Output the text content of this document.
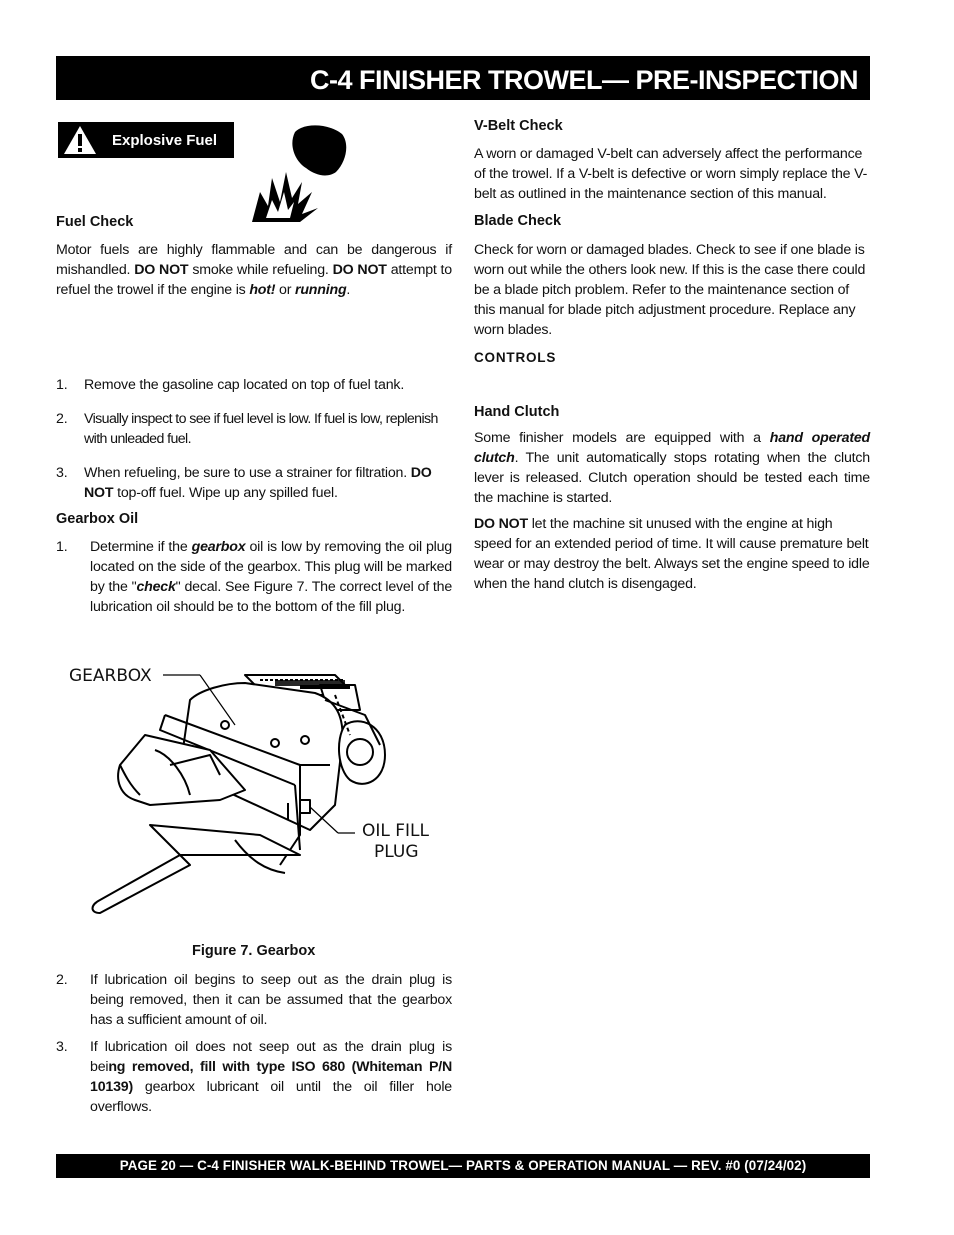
C-4 FINISHER TROWEL— PRE-INSPECTION
Explosive Fuel
Fuel Check
Motor fuels are highly flammable and can be dangerous if mishandled. DO NOT smoke while refueling. DO NOT attempt to refuel the trowel if the engine is hot! or running.
1. Remove the gasoline cap located on top of fuel tank.
2. Visually inspect to see if fuel level is low. If fuel is low, replenish with unleaded fuel.
3. When refueling, be sure to use a strainer for filtration. DO NOT top-off fuel. Wipe up any spilled fuel.
Gearbox Oil
1. Determine if the gearbox oil is low by removing the oil plug located on the side of the gearbox. This plug will be marked by the "check" decal. See Figure 7. The correct level of the lubrication oil should be to the bottom of the fill plug.
GEARBOX
OIL FILL
PLUG
Figure 7. Gearbox
2. If lubrication oil begins to seep out as the drain plug is being removed, then it can be assumed that the gearbox has a sufficient amount of oil.
3. If lubrication oil does not seep out as the drain plug is being removed, fill with type ISO 680 (Whiteman P/N 10139) gearbox lubricant oil until the oil filler hole overflows.
V-Belt Check
A worn or damaged V-belt can adversely affect the performance of the trowel. If a V-belt is defective or worn simply replace the V-belt as outlined in the maintenance section of this manual.
Blade Check
Check for worn or damaged blades. Check to see if one blade is worn out while the others look new. If this is the case there could be a blade pitch problem. Refer to the maintenance section of this manual for blade pitch adjustment procedure. Replace any worn blades.
CONTROLS
Hand Clutch
Some finisher models are equipped with a hand operated clutch. The unit automatically stops rotating when the clutch lever is released. Clutch operation should be tested each time the machine is started.
DO NOT let the machine sit unused with the engine at high speed for an extended period of time. It will cause premature belt wear or may destroy the belt. Always set the engine speed to idle when the hand clutch is disengaged.
PAGE 20 — C-4 FINISHER WALK-BEHIND TROWEL— PARTS & OPERATION MANUAL — REV. #0 (07/24/02)
